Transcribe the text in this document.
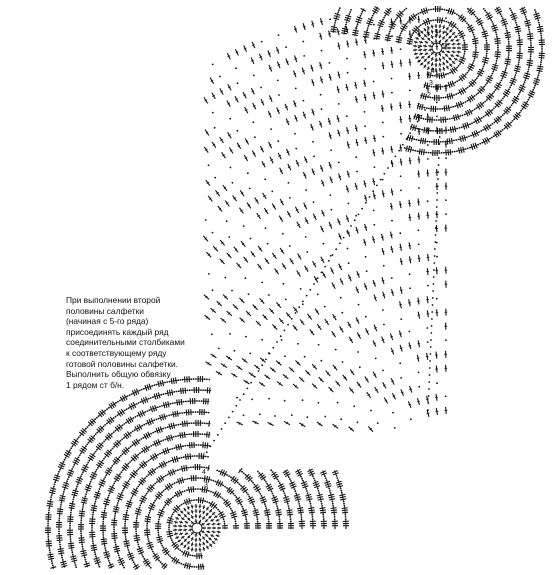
4
3
2
4
3
При выполнении второй
половины салфетки
(начиная с 5-го ряда)
присоединять каждый ряд
соединительными столбиками
к соответствующему ряду
готовой половины салфетки.
Выполнить общую обвязку
1 рядом ст б/н.
